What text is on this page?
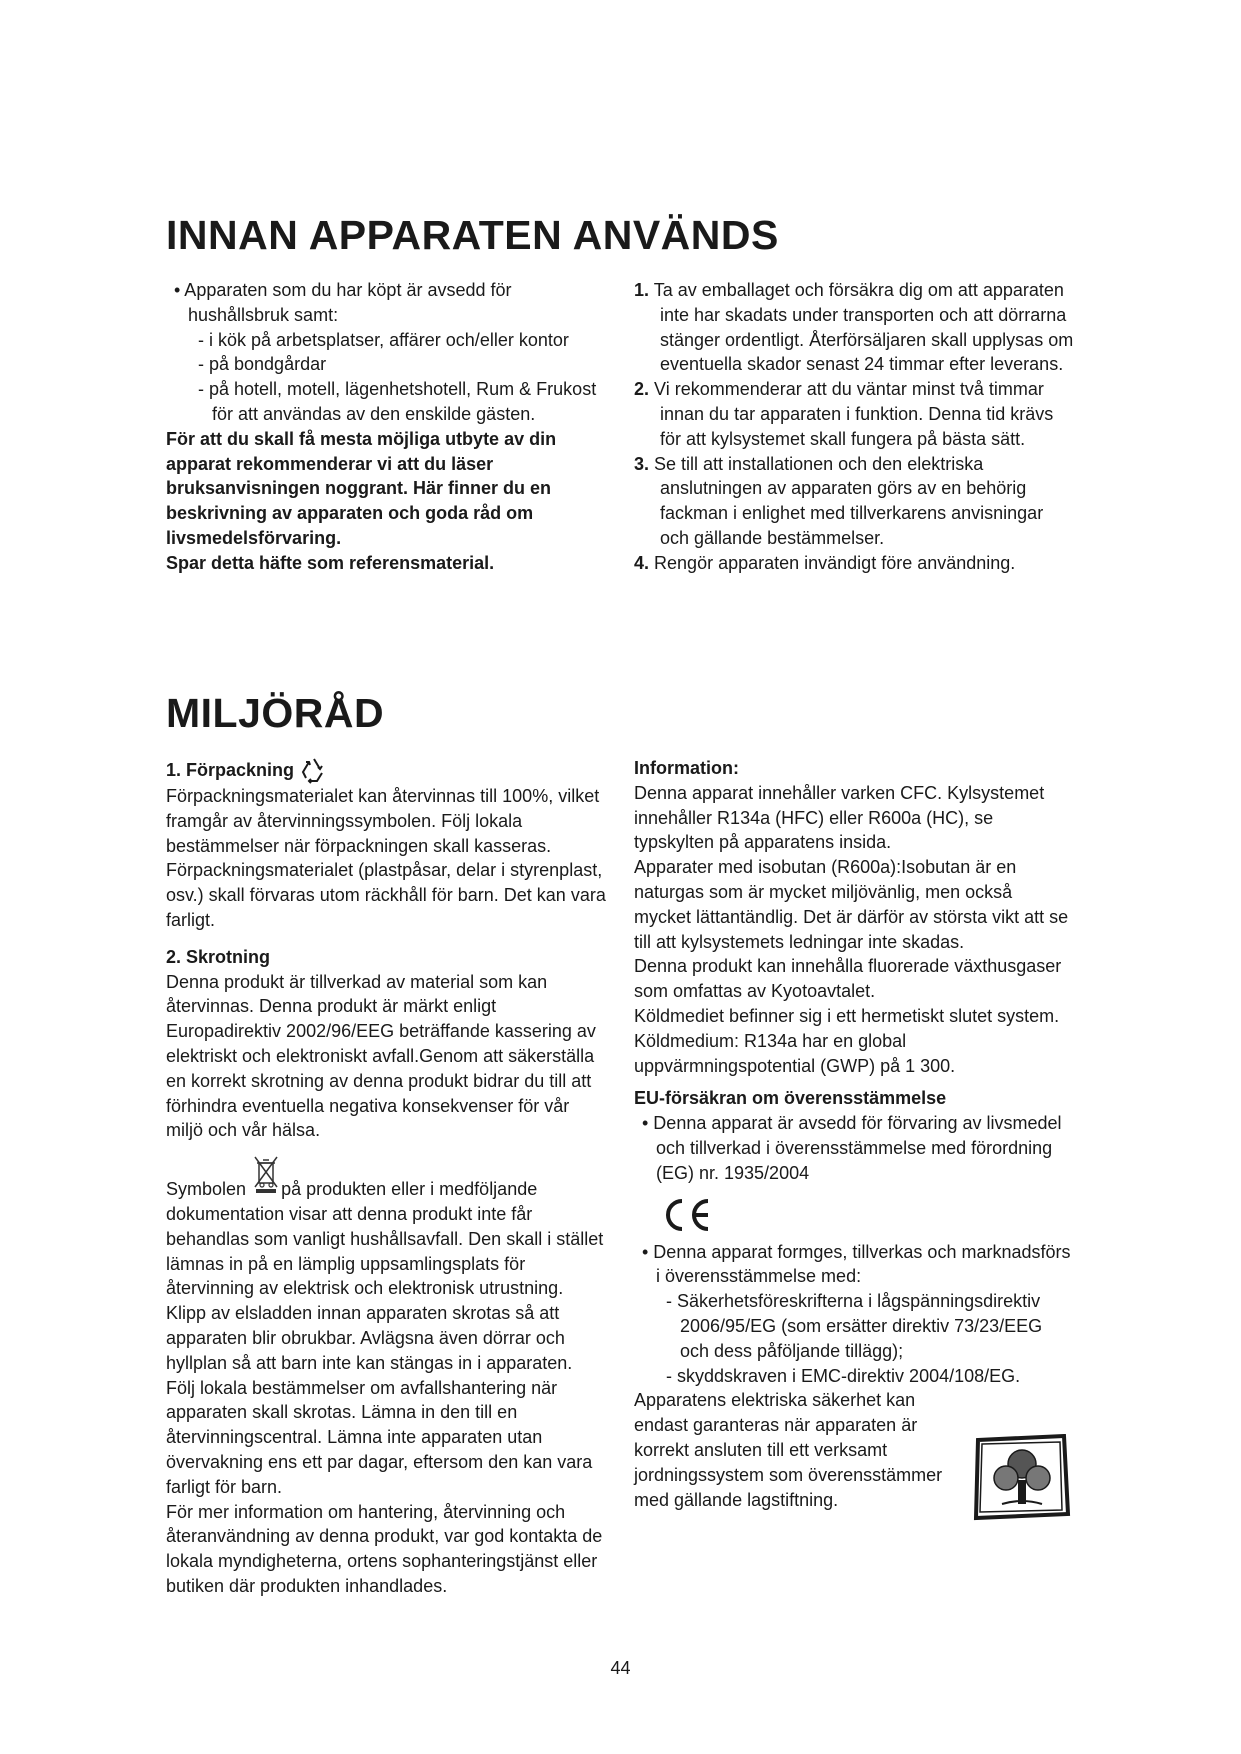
INNAN APPARATEN ANVÄNDS

• Apparaten som du har köpt är avsedd för hushållsbruk samt:

- i kök på arbetsplatser, affärer och/eller kontor

- på bondgårdar

- på hotell, motell, lägenhetshotell, Rum & Frukost för att användas av den enskilde gästen.

För att du skall få mesta möjliga utbyte av din apparat rekommenderar vi att du läser bruksanvisningen noggrant. Här finner du en beskrivning av apparaten och goda råd om livsmedelsförvaring.

Spar detta häfte som referensmaterial.

1. Ta av emballaget och försäkra dig om att apparaten inte har skadats under transporten och att dörrarna stänger ordentligt. Återförsäljaren skall upplysas om eventuella skador senast 24 timmar efter leverans.

2. Vi rekommenderar att du väntar minst två timmar innan du tar apparaten i funktion. Denna tid krävs för att kylsystemet skall fungera på bästa sätt.

3. Se till att installationen och den elektriska anslutningen av apparaten görs av en behörig fackman i enlighet med tillverkarens anvisningar och gällande bestämmelser.

4. Rengör apparaten invändigt före användning.

MILJÖRÅD

1. Förpackning

Förpackningsmaterialet kan återvinnas till 100%, vilket framgår av återvinningssymbolen. Följ lokala bestämmelser när förpackningen skall kasseras.

Förpackningsmaterialet (plastpåsar, delar i styrenplast, osv.) skall förvaras utom räckhåll för barn. Det kan vara farligt.

2. Skrotning

Denna produkt är tillverkad av material som kan återvinnas. Denna produkt är märkt enligt Europadirektiv 2002/96/EEG beträffande kassering av elektriskt och elektroniskt avfall.Genom att säkerställa en korrekt skrotning av denna produkt bidrar du till att förhindra eventuella negativa konsekvenser för vår miljö och vår hälsa.

Symbolen på produkten eller i medföljande dokumentation visar att denna produkt inte får behandlas som vanligt hushållsavfall. Den skall i stället lämnas in på en lämplig uppsamlingsplats för återvinning av elektrisk och elektronisk utrustning. Klipp av elsladden innan apparaten skrotas så att apparaten blir obrukbar. Avlägsna även dörrar och hyllplan så att barn inte kan stängas in i apparaten. Följ lokala bestämmelser om avfallshantering när apparaten skall skrotas. Lämna in den till en återvinningscentral. Lämna inte apparaten utan övervakning ens ett par dagar, eftersom den kan vara farligt för barn.

För mer information om hantering, återvinning och återanvändning av denna produkt, var god kontakta de lokala myndigheterna, ortens sophanteringstjänst eller butiken där produkten inhandlades.

Information:

Denna apparat innehåller varken CFC. Kylsystemet innehåller R134a (HFC) eller R600a (HC), se typskylten på apparatens insida.

Apparater med isobutan (R600a):Isobutan är en naturgas som är mycket miljövänlig, men också mycket lättantändlig. Det är därför av största vikt att se till att kylsystemets ledningar inte skadas.

Denna produkt kan innehålla fluorerade växthusgaser som omfattas av Kyotoavtalet.

Köldmediet befinner sig i ett hermetiskt slutet system.

Köldmedium: R134a har en global uppvärmningspotential (GWP) på 1 300.

EU-försäkran om överensstämmelse

• Denna apparat är avsedd för förvaring av livsmedel och tillverkad i överensstämmelse med förordning (EG) nr. 1935/2004

• Denna apparat formges, tillverkas och marknadsförs i överensstämmelse med:

- Säkerhetsföreskrifterna i lågspänningsdirektiv 2006/95/EG (som ersätter direktiv 73/23/EEG och dess påföljande tillägg);

- skyddskraven i EMC-direktiv 2004/108/EG.

Apparatens elektriska säkerhet kan endast garanteras när apparaten är korrekt ansluten till ett verksamt jordningssystem som överensstämmer med gällande lagstiftning.

44
